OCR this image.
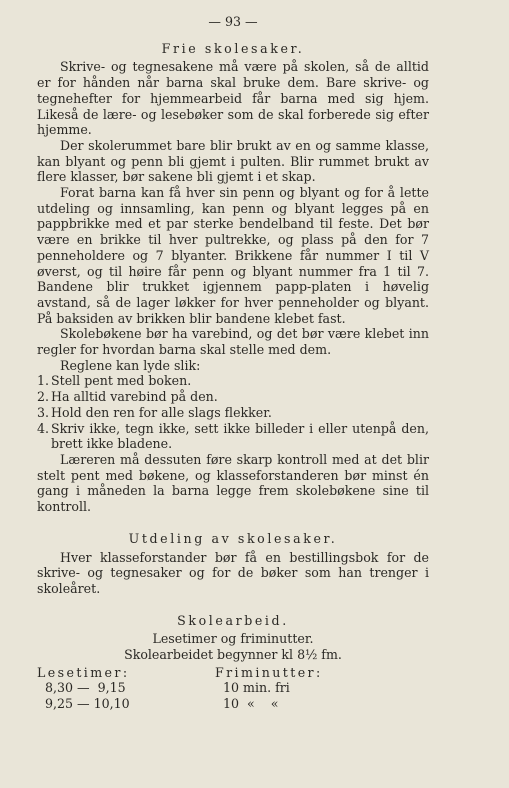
— 93 —
Frie skolesaker.

Skrive- og tegnesakene må være på skolen, så de alltid er for hånden når barna skal bruke dem. Bare skrive- og tegnehefter for hjemmearbeid får barna med sig hjem. Likeså de lære- og lesebøker som de skal forberede sig efter hjemme.

Der skolerummet bare blir brukt av en og samme klasse, kan blyant og penn bli gjemt i pulten. Blir rummet brukt av flere klasser, bør sakene bli gjemt i et skap.

Forat barna kan få hver sin penn og blyant og for å lette utdeling og innsamling, kan penn og blyant legges på en pappbrikke med et par sterke bendelband til feste. Det bør være en brikke til hver pultrekke, og plass på den for 7 penneholdere og 7 blyanter. Brikkene får nummer I til V øverst, og til høire får penn og blyant nummer fra 1 til 7. Bandene blir trukket igjennem papp-platen i høvelig avstand, så de lager løkker for hver penneholder og blyant. På baksiden av brikken blir bandene klebet fast.

Skolebøkene bør ha varebind, og det bør være klebet inn regler for hvordan barna skal stelle med dem.

Reglene kan lyde slik:

1. Stell pent med boken.
2. Ha alltid varebind på den.
3. Hold den ren for alle slags flekker.
4. Skriv ikke, tegn ikke, sett ikke billeder i eller utenpå den, brett ikke bladene.

Læreren må dessuten føre skarp kontroll med at det blir stelt pent med bøkene, og klasseforstanderen bør minst én gang i måneden la barna legge frem skolebøkene sine til kontroll.

Utdeling av skolesaker.

Hver klasseforstander bør få en bestillingsbok for de skrive- og tegnesaker og for de bøker som han trenger i skoleåret.

Skolearbeid.
Lesetimer og friminutter.
Skolearbeidet begynner kl 8½ fm.
Lesetimer:
8,30 —  9,15
9,25 — 10,10
Friminutter:
10 min. fri
10  «    «
